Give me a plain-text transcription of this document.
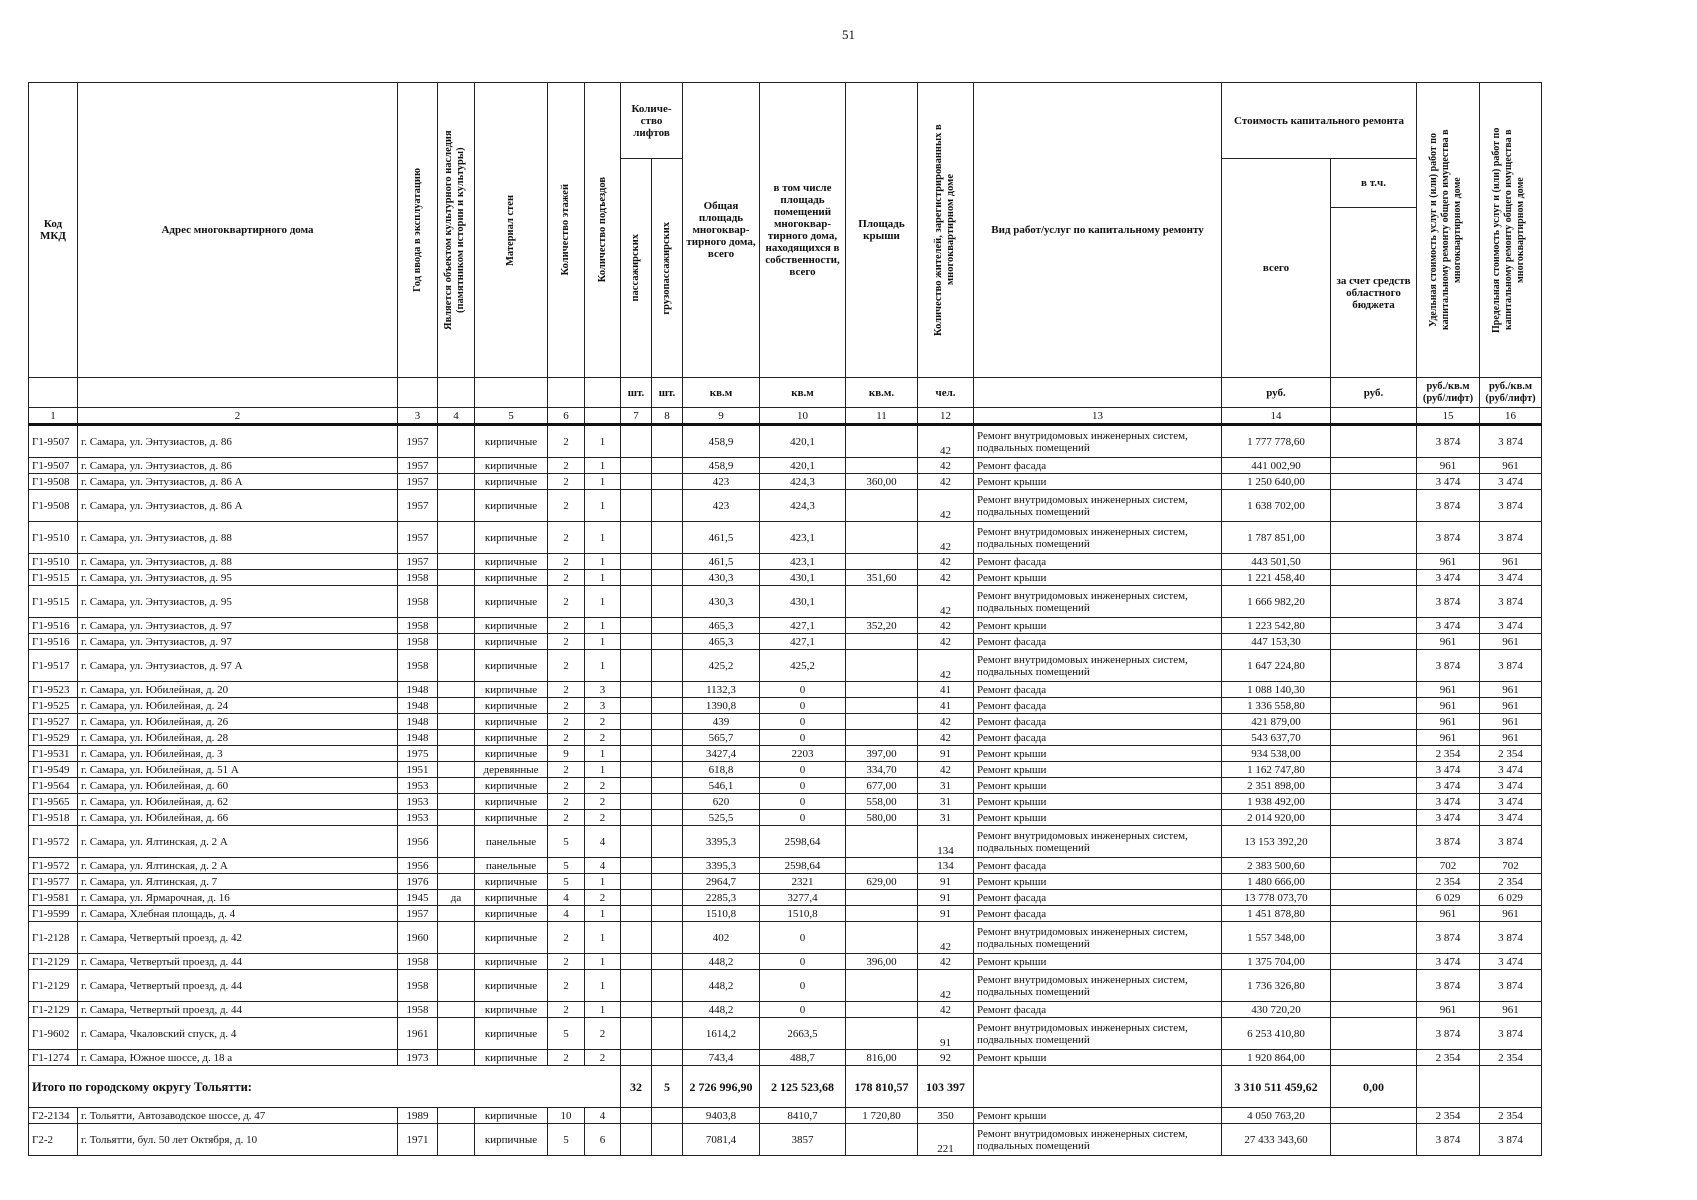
51
Код МКД	Адрес многоквартирного дома	Год ввода в эксплуатацию	Является объектом культурного наследия (памятником истории и культуры)	Материал стен	Количество этажей	Количество подъездов	Количе-ство лифтов		Общая площадь многоквар-тирного дома, всего	в том числе площадь помещений многоквар-тирного дома, находящихся в собственности, всего	Площадь крыши	Количество жителей, зарегистрированных в многоквартирном доме	Вид работ/услуг по капитальному ремонту	Стоимость капитального ремонта		Удельная стоимость услуг и (или) работ по капитальному ремонту общего имущества в многоквартирном доме	Предельная стоимость услуг и (или) работ по капитальному ремонту общего имущества в многоквартирном доме

							пассажирских	грузопассажирских						всего	в т.ч.		
															за счет средств областного бюджета		
							шт.	шт.	кв.м	кв.м	кв.м.	чел.		руб.	руб.	руб./кв.м (руб/лифт)	руб./кв.м (руб/лифт)
1	2	3	4	5	6		7	8	9	10	11	12	13	14		15	16
Г1-9507	г. Самара, ул. Энтузиастов, д. 86	1957		кирпичные	2	1			458,9	420,1		42	Ремонт внутридомовых инженерных систем, подвальных помещений	1 777 778,60		3 874	3 874
Г1-9507	г. Самара, ул. Энтузиастов, д. 86	1957		кирпичные	2	1			458,9	420,1		42	Ремонт фасада	441 002,90		961	961
Г1-9508	г. Самара, ул. Энтузиастов, д. 86 А	1957		кирпичные	2	1			423	424,3	360,00	42	Ремонт крыши	1 250 640,00		3 474	3 474
Г1-9508	г. Самара, ул. Энтузиастов, д. 86 А	1957		кирпичные	2	1			423	424,3		42	Ремонт внутридомовых инженерных систем, подвальных помещений	1 638 702,00		3 874	3 874
Г1-9510	г. Самара, ул. Энтузиастов, д. 88	1957		кирпичные	2	1			461,5	423,1		42	Ремонт внутридомовых инженерных систем, подвальных помещений	1 787 851,00		3 874	3 874
Г1-9510	г. Самара, ул. Энтузиастов, д. 88	1957		кирпичные	2	1			461,5	423,1		42	Ремонт фасада	443 501,50		961	961
Г1-9515	г. Самара, ул. Энтузиастов, д. 95	1958		кирпичные	2	1			430,3	430,1	351,60	42	Ремонт крыши	1 221 458,40		3 474	3 474
Г1-9515	г. Самара, ул. Энтузиастов, д. 95	1958		кирпичные	2	1			430,3	430,1		42	Ремонт внутридомовых инженерных систем, подвальных помещений	1 666 982,20		3 874	3 874
Г1-9516	г. Самара, ул. Энтузиастов, д. 97	1958		кирпичные	2	1			465,3	427,1	352,20	42	Ремонт крыши	1 223 542,80		3 474	3 474
Г1-9516	г. Самара, ул. Энтузиастов, д. 97	1958		кирпичные	2	1			465,3	427,1		42	Ремонт фасада	447 153,30		961	961
Г1-9517	г. Самара, ул. Энтузиастов, д. 97 А	1958		кирпичные	2	1			425,2	425,2		42	Ремонт внутридомовых инженерных систем, подвальных помещений	1 647 224,80		3 874	3 874
Г1-9523	г. Самара, ул. Юбилейная, д. 20	1948		кирпичные	2	3			1132,3	0		41	Ремонт фасада	1 088 140,30		961	961
Г1-9525	г. Самара, ул. Юбилейная, д. 24	1948		кирпичные	2	3			1390,8	0		41	Ремонт фасада	1 336 558,80		961	961
Г1-9527	г. Самара, ул. Юбилейная, д. 26	1948		кирпичные	2	2			439	0		42	Ремонт фасада	421 879,00		961	961
Г1-9529	г. Самара, ул. Юбилейная, д. 28	1948		кирпичные	2	2			565,7	0		42	Ремонт фасада	543 637,70		961	961
Г1-9531	г. Самара, ул. Юбилейная, д. 3	1975		кирпичные	9	1			3427,4	2203	397,00	91	Ремонт крыши	934 538,00		2 354	2 354
Г1-9549	г. Самара, ул. Юбилейная, д. 51 А	1951		деревянные	2	1			618,8	0	334,70	42	Ремонт крыши	1 162 747,80		3 474	3 474
Г1-9564	г. Самара, ул. Юбилейная, д. 60	1953		кирпичные	2	2			546,1	0	677,00	31	Ремонт крыши	2 351 898,00		3 474	3 474
Г1-9565	г. Самара, ул. Юбилейная, д. 62	1953		кирпичные	2	2			620	0	558,00	31	Ремонт крыши	1 938 492,00		3 474	3 474
Г1-9518	г. Самара, ул. Юбилейная, д. 66	1953		кирпичные	2	2			525,5	0	580,00	31	Ремонт крыши	2 014 920,00		3 474	3 474
Г1-9572	г. Самара, ул. Ялтинская, д. 2 А	1956		панельные	5	4			3395,3	2598,64		134	Ремонт внутридомовых инженерных систем, подвальных помещений	13 153 392,20		3 874	3 874
Г1-9572	г. Самара, ул. Ялтинская, д. 2 А	1956		панельные	5	4			3395,3	2598,64		134	Ремонт фасада	2 383 500,60		702	702
Г1-9577	г. Самара, ул. Ялтинская, д. 7	1976		кирпичные	5	1			2964,7	2321	629,00	91	Ремонт крыши	1 480 666,00		2 354	2 354
Г1-9581	г. Самара, ул. Ярмарочная, д. 16	1945	да	кирпичные	4	2			2285,3	3277,4		91	Ремонт фасада	13 778 073,70		6 029	6 029
Г1-9599	г. Самара, Хлебная площадь, д. 4	1957		кирпичные	4	1			1510,8	1510,8		91	Ремонт фасада	1 451 878,80		961	961
Г1-2128	г. Самара, Четвертый проезд, д. 42	1960		кирпичные	2	1			402	0		42	Ремонт внутридомовых инженерных систем, подвальных помещений	1 557 348,00		3 874	3 874
Г1-2129	г. Самара, Четвертый проезд, д. 44	1958		кирпичные	2	1			448,2	0	396,00	42	Ремонт крыши	1 375 704,00		3 474	3 474
Г1-2129	г. Самара, Четвертый проезд, д. 44	1958		кирпичные	2	1			448,2	0		42	Ремонт внутридомовых инженерных систем, подвальных помещений	1 736 326,80		3 874	3 874
Г1-2129	г. Самара, Четвертый проезд, д. 44	1958		кирпичные	2	1			448,2	0		42	Ремонт фасада	430 720,20		961	961
Г1-9602	г. Самара, Чкаловский спуск, д. 4	1961		кирпичные	5	2			1614,2	2663,5		91	Ремонт внутридомовых инженерных систем, подвальных помещений	6 253 410,80		3 874	3 874
Г1-1274	г. Самара, Южное шоссе, д. 18 а	1973		кирпичные	2	2			743,4	488,7	816,00	92	Ремонт крыши	1 920 864,00		2 354	2 354
Итого по городскому округу Тольятти:							32	5	2 726 996,90	2 125 523,68	178 810,57	103 397		3 310 511 459,62	0,00		
Г2-2134	г. Тольятти, Автозаводское шоссе, д. 47	1989		кирпичные	10	4			9403,8	8410,7	1 720,80	350	Ремонт крыши	4 050 763,20		2 354	2 354
Г2-2	г. Тольятти, бул. 50 лет Октября, д. 10	1971		кирпичные	5	6			7081,4	3857		221	Ремонт внутридомовых инженерных систем, подвальных помещений	27 433 343,60		3 874	3 874
